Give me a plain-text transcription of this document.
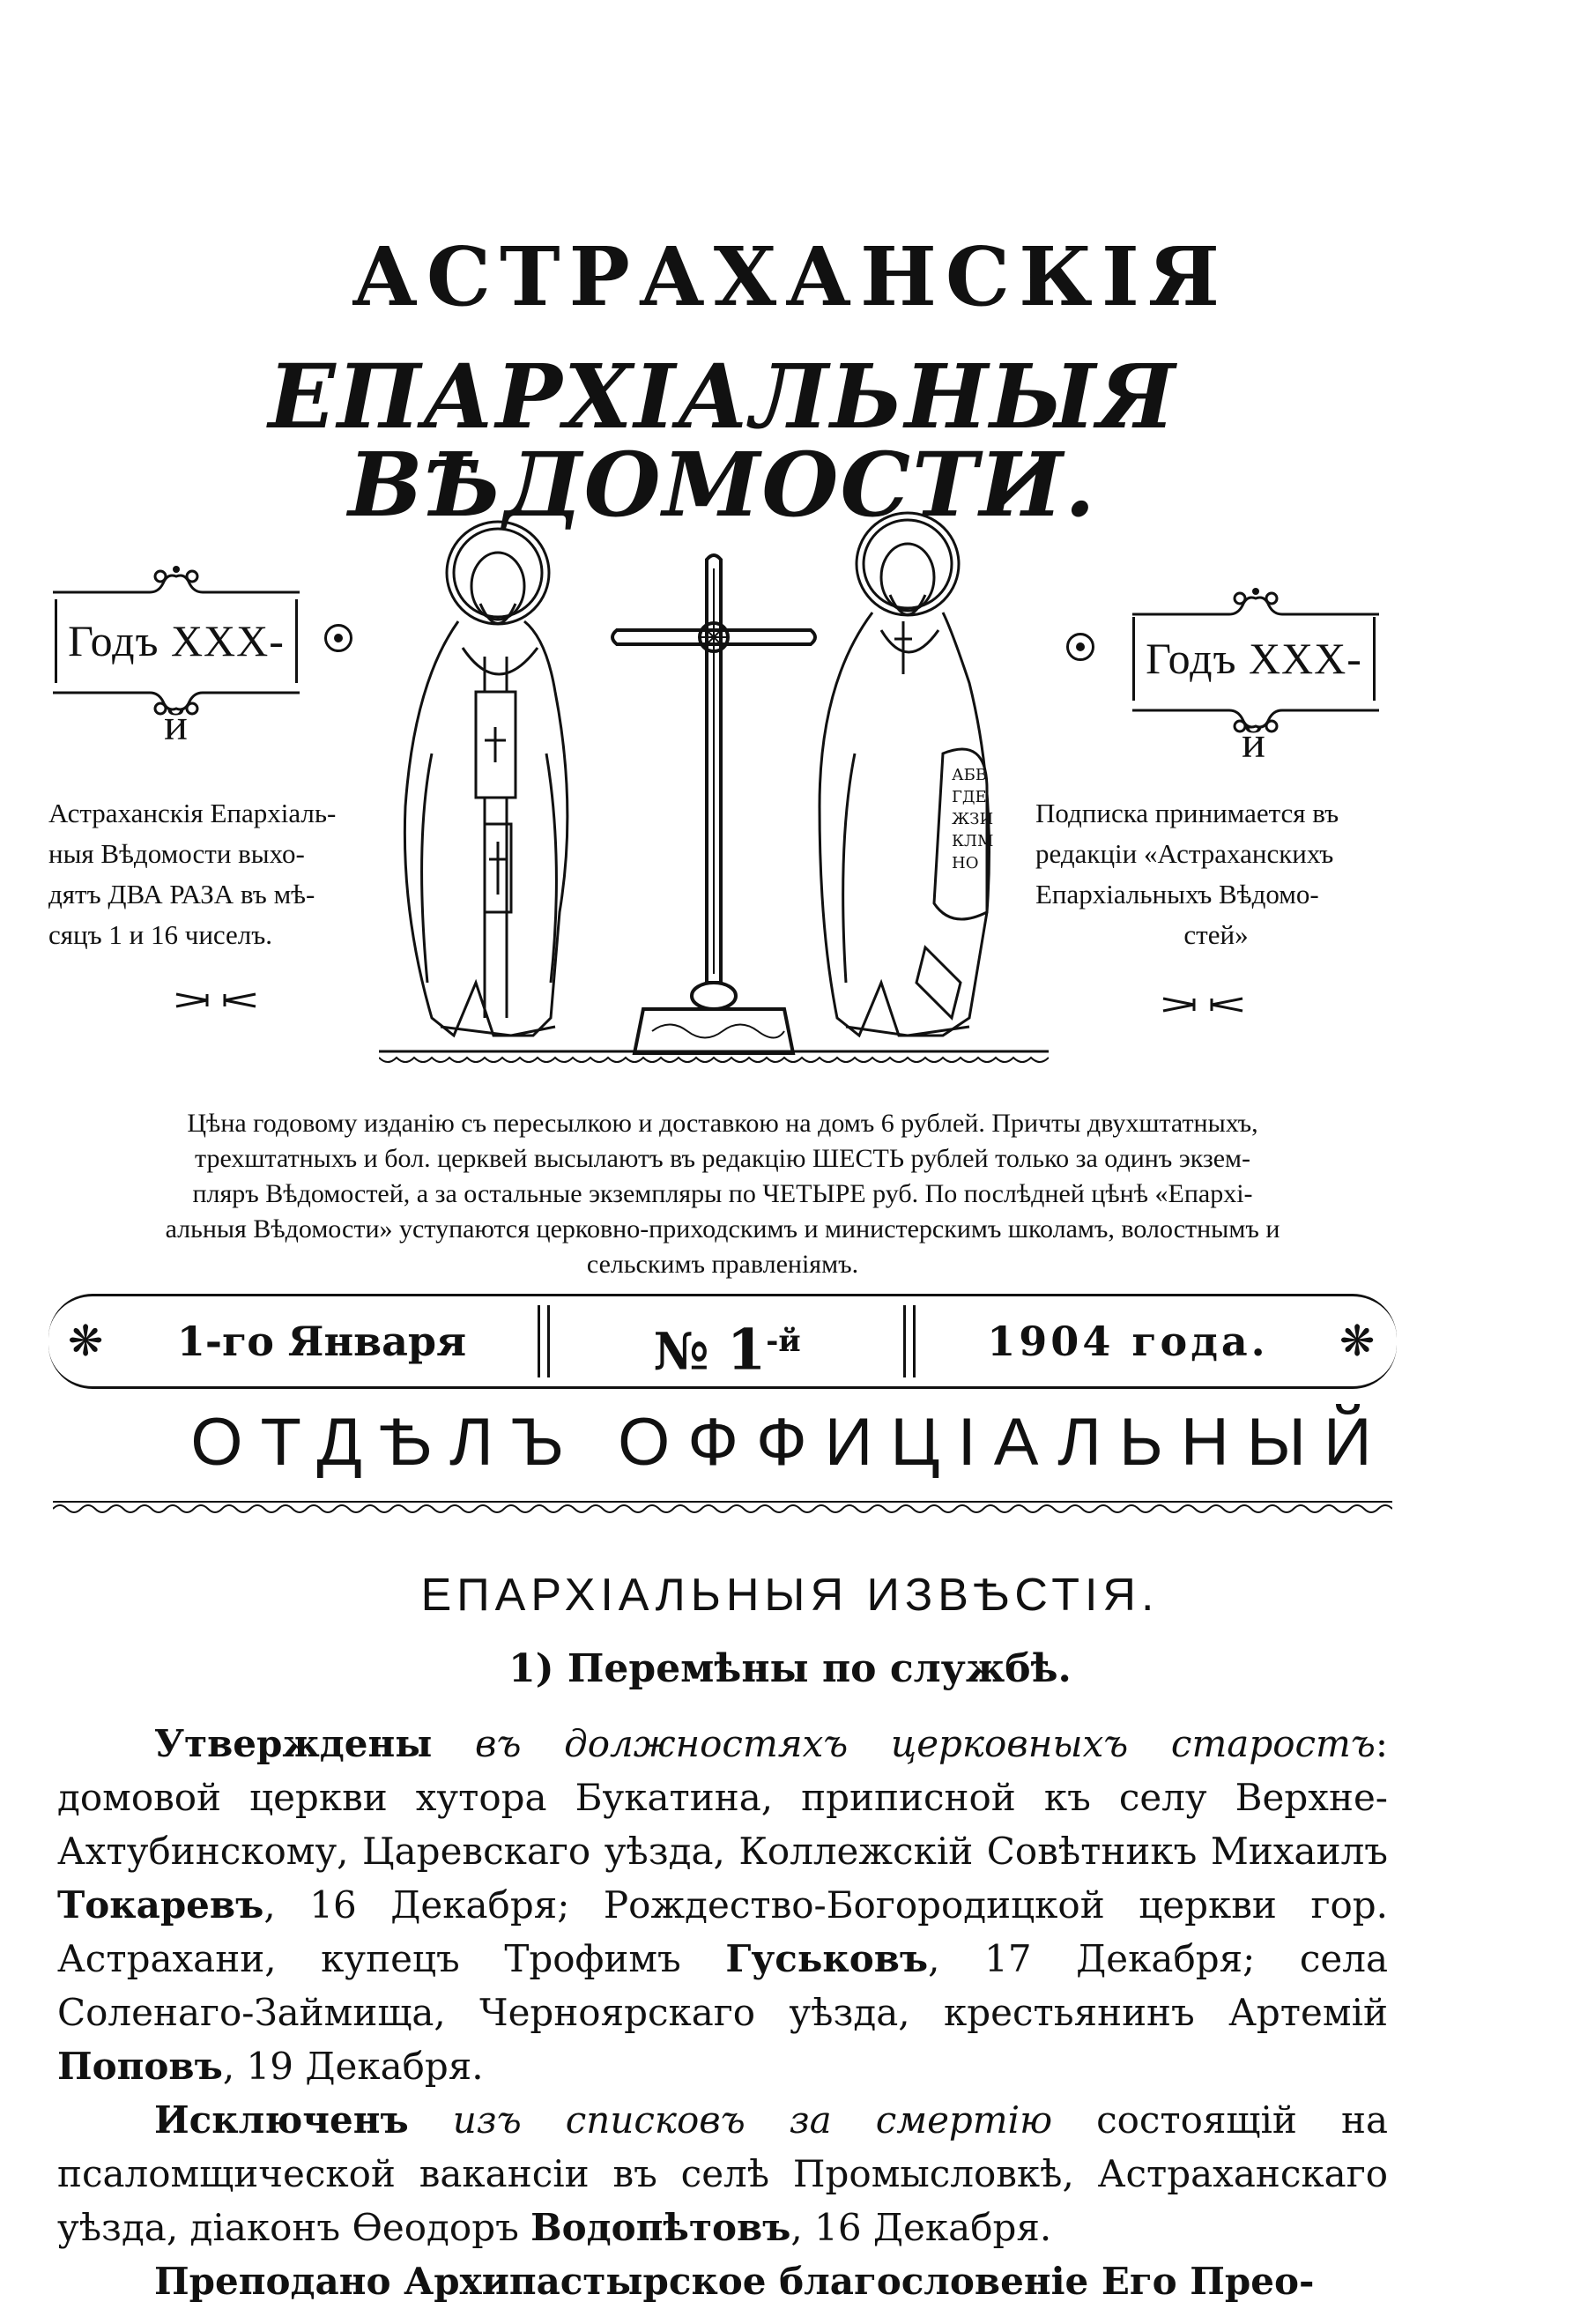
АСТРАХАНСКІЯ
ЕПАРХІАЛЬНЫЯ ВѢДОМОСТИ.
Годъ XXX-й
Годъ XXX-й
АБВ
ГДЕ
ЖЗИ
КЛМ
НО
Астраханскія Епархіаль-
ныя Вѣдомости выхо-
дятъ ДВА РАЗА въ мѣ-
сяцъ 1 и 16 чиселъ.
Подписка принимается въ
редакціи «Астраханскихъ
Епархіальныхъ Вѣдомо-
стей»
Цѣна годовому изданію съ пересылкою и доставкою на домъ 6 рублей. Причты двухштатныхъ,
трехштатныхъ и бол. церквей высылаютъ въ редакцію ШЕСТЬ рублей только за одинъ экзем-
пляръ Вѣдомостей, а за остальные экземпляры по ЧЕТЫРЕ руб. По послѣдней цѣнѣ «Епархі-
альныя Вѣдомости» уступаются церковно-приходскимъ и министерскимъ школамъ, волостнымъ и
сельскимъ правленіямъ.
❋	1-го Января	№ $1^{-й}$	1904 года.	❋
ОТДѢЛЪ ОФФИЦІАЛЬНЫЙ
ЕПАРХІАЛЬНЫЯ ИЗВѢСТІЯ.
1) Перемѣны по службѣ.

Утверждены въ должностяхъ церковныхъ старостъ: домовой церкви хутора Букатина, приписной къ селу Верхне-Ахтубинскому, Царевскаго уѣзда, Коллежскій Совѣтникъ Михаилъ Токаревъ, 16 Декабря; Рождество-Богородицкой церкви гор. Астрахани, купецъ Трофимъ Гуськовъ, 17 Декабря; села Соленаго-Займища, Черноярскаго уѣзда, крестьянинъ Артемій Поповъ, 19 Декабря.

Исключенъ изъ списковъ за смертію состоящій на псаломщической вакансіи въ селѣ Промысловкѣ, Астраханскаго уѣзда, діаконъ Ѳеодоръ Водопѣтовъ, 16 Декабря.

Преподано Архипастырское благословеніе Его Прео-
